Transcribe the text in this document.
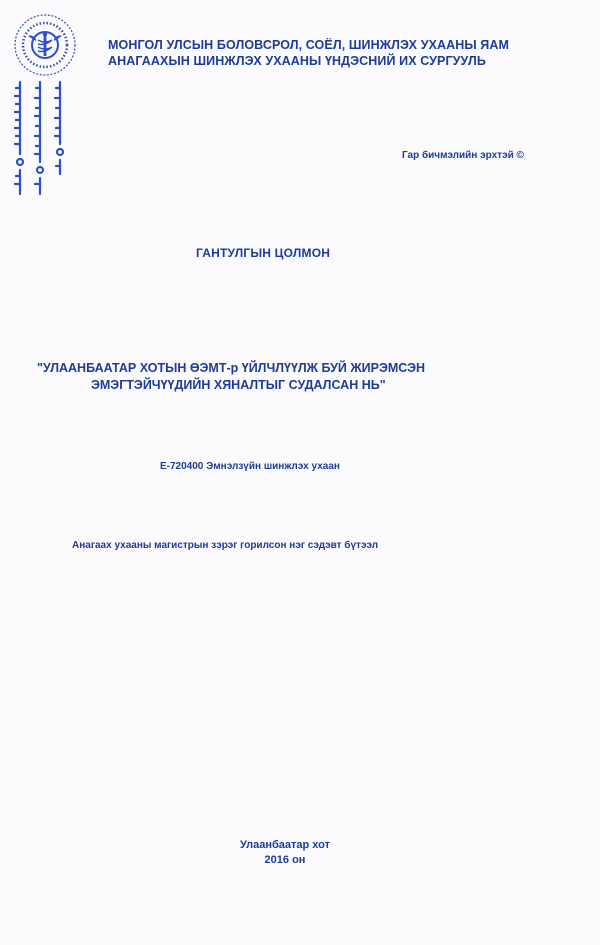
МОНГОЛ УЛСЫН БОЛОВСРОЛ, СОЁЛ, ШИНЖЛЭХ УХААНЫ ЯАМ
АНАГААХЫН ШИНЖЛЭХ УХААНЫ ҮНДЭСНИЙ ИХ СУРГУУЛЬ
Гар бичмэлийн эрхтэй ©
ГАНТУЛГЫН ЦОЛМОН
"УЛААНБААТАР ХОТЫН ӨЭМТ-р ҮЙЛЧЛҮҮЛЖ БУЙ ЖИРЭМСЭН
ЭМЭГТЭЙЧҮҮДИЙН ХЯНАЛТЫГ СУДАЛСАН НЬ"
Е-720400 Эмнэлзүйн шинжлэх ухаан
Анагаах ухааны магистрын зэрэг горилсон нэг сэдэвт бүтээл
Улаанбаатар хот
2016 он
